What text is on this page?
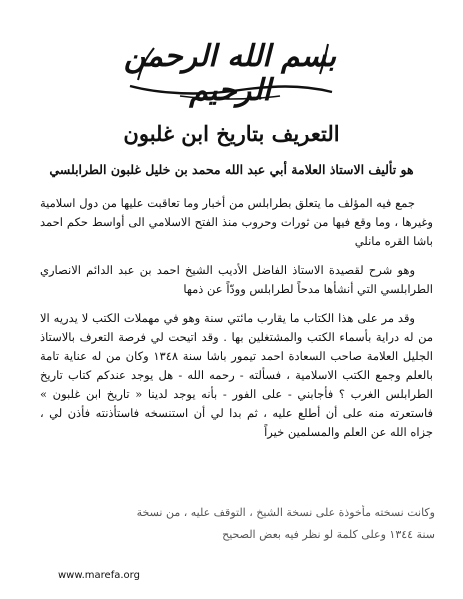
بسم الله الرحمن الرحيم
التعريف بتاريخ ابن غلبون
هو تأليف الاستاذ العلامة أبي عبد الله محمد بن خليل غلبون الطرابلسي

جمع فيه المؤلف ما يتعلق بطرابلس من أخبار وما تعاقبت عليها من دول اسلامية وغيرها ، وما وقع فيها من ثورات وحروب منذ الفتح الاسلامي الى أواسط حكم احمد باشا القره مانلي

وهو شرح لقصيدة الاستاذ الفاضل الأديب الشيخ احمد بن عبد الدائم الانصاري الطرابلسي التي أنشأها مدحاً لطرابلس وودّاً عن ذمها

وقد مر على هذا الكتاب ما يقارب مائتي سنة وهو في مهملات الكتب لا يدريه الا من له دراية بأسماء الكتب والمشتغلين بها . وقد اتيحت لي فرصة التعرف بالاستاذ الجليل العلامة صاحب السعادة احمد تيمور باشا سنة ١٣٤٨ وكان من له عناية تامة بالعلم وجمع الكتب الاسلامية ، فسألته - رحمه الله - هل يوجد عندكم كتاب تاريخ الطرابلس الغرب ؟ فأجابني - على الفور - بأنه يوجد لدينا « تاريخ ابن غلبون » فاستعرته منه على أن أطلع عليه ، ثم بدا لي أن استنسخه فاستأذنته فأذن لي ، جزاه الله عن العلم والمسلمين خيراً

وكانت نسخته مأخوذة على نسخة الشيخ ، التوقف عليه ، من نسخة
سنة ١٣٤٤ وعلى كلمة لو نظر فيه بعض الصحيح
www.marefa.org
